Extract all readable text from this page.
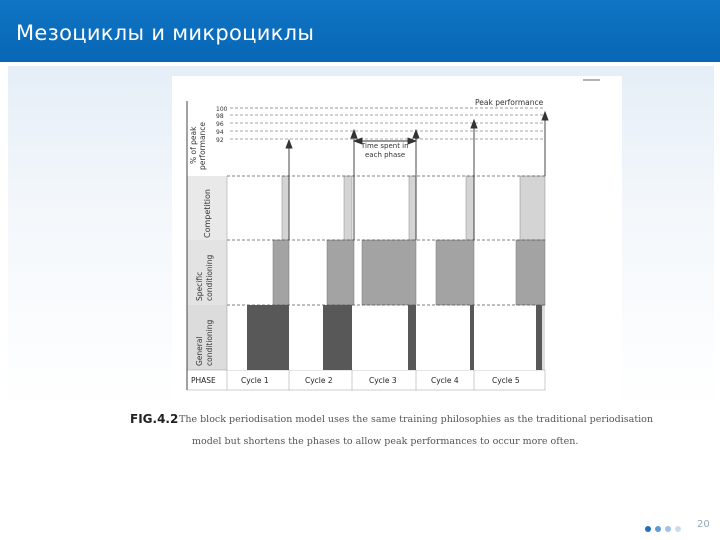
Мезоциклы и микроциклы
100
98
96
94
92
% of peak performance
Peak performance
Time spent in
each phase
Competition
Specific conditioning
General conditioning
PHASE	Cycle 1	Cycle 2	Cycle 3	Cycle 4	Cycle 5
FIG.4.2 The block periodisation model uses the same training philosophies as the traditional periodisation
model but shortens the phases to allow peak performances to occur more often.
20
